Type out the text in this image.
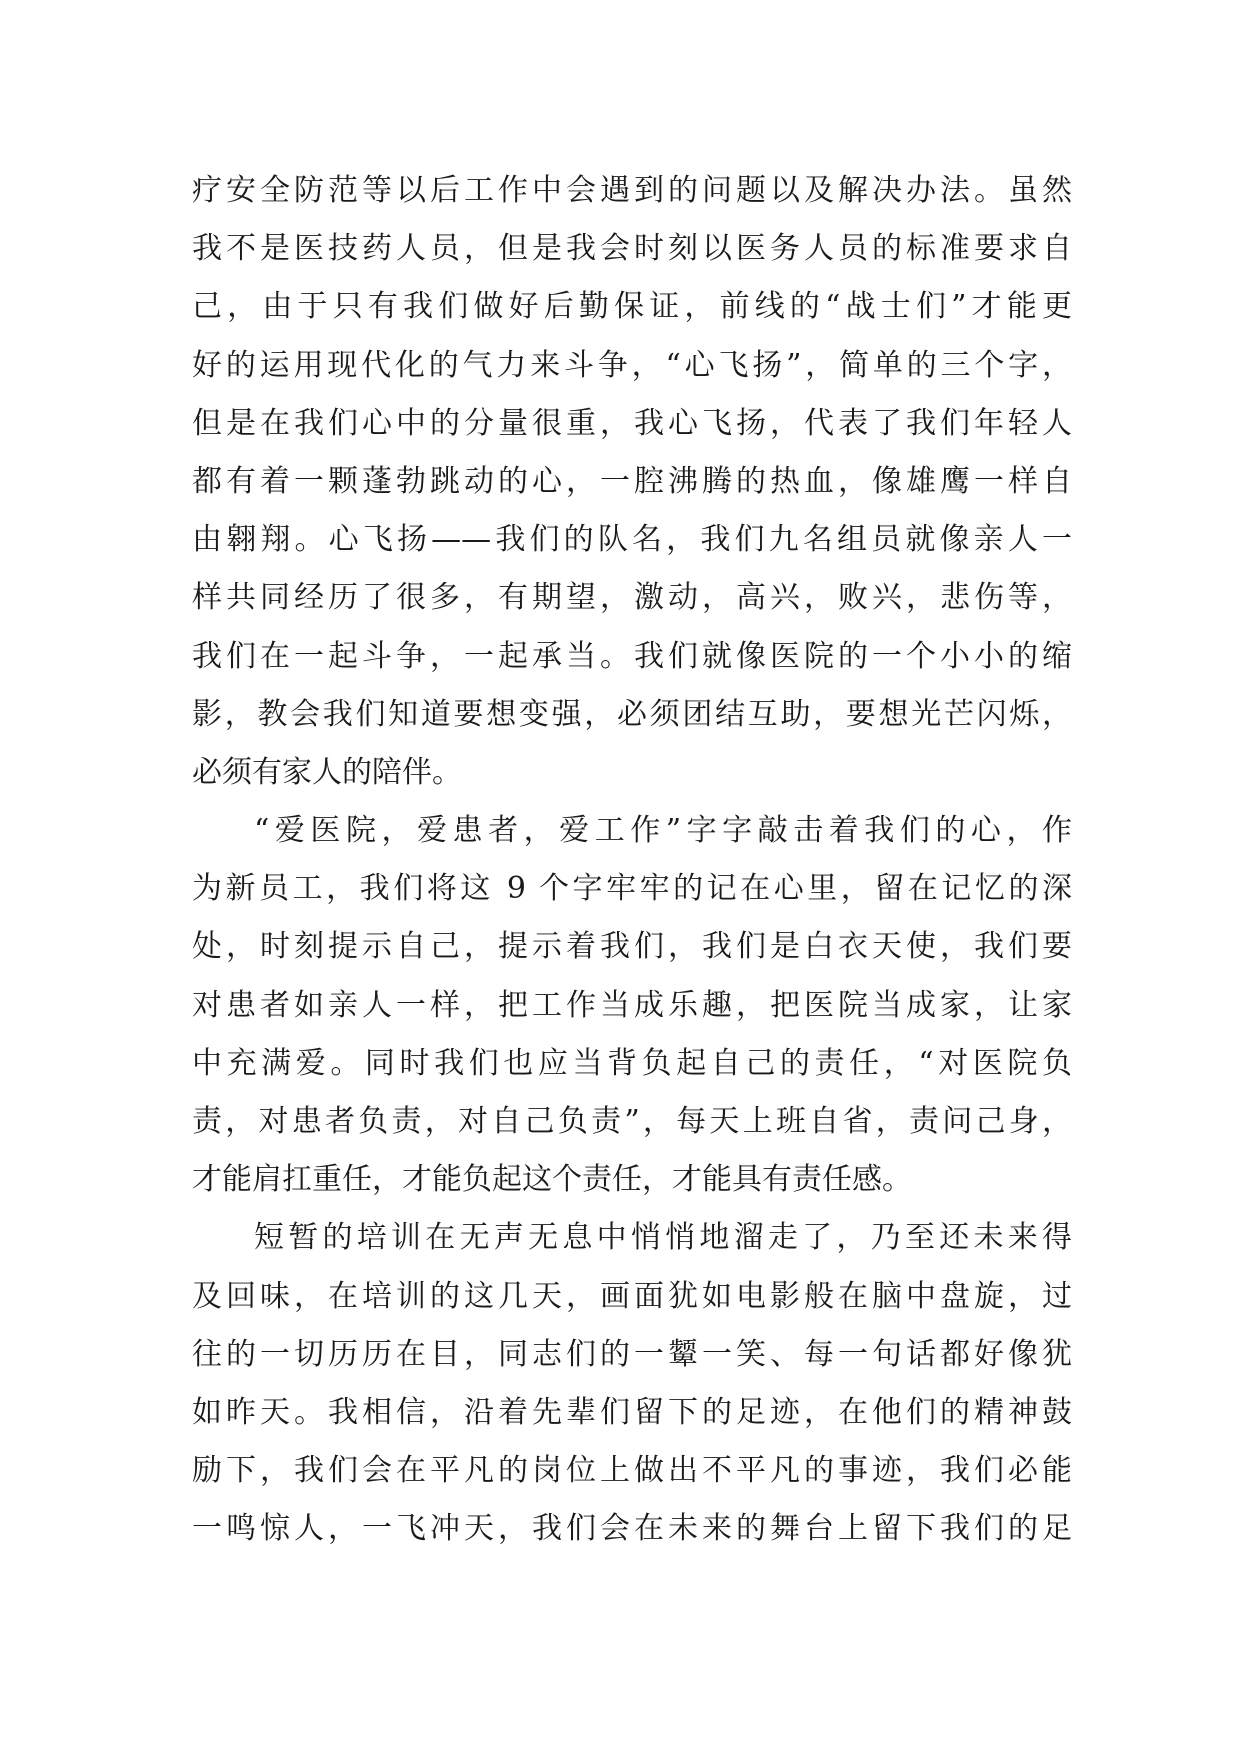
疗安全防范等以后工作中会遇到的问题以及解决办法。虽然
我不是医技药人员，但是我会时刻以医务人员的标准要求自
己，由于只有我们做好后勤保证，前线的“战士们”才能更
好的运用现代化的气力来斗争，“心飞扬”，简单的三个字，
但是在我们心中的分量很重，我心飞扬，代表了我们年轻人
都有着一颗蓬勃跳动的心，一腔沸腾的热血，像雄鹰一样自
由翱翔。心飞扬——我们的队名，我们九名组员就像亲人一
样共同经历了很多，有期望，激动，高兴，败兴，悲伤等，
我们在一起斗争，一起承当。我们就像医院的一个小小的缩
影，教会我们知道要想变强，必须团结互助，要想光芒闪烁，
必须有家人的陪伴。
“爱医院，爱患者，爱工作”字字敲击着我们的心，作
为新员工，我们将这 9 个字牢牢的记在心里，留在记忆的深
处，时刻提示自己，提示着我们，我们是白衣天使，我们要
对患者如亲人一样，把工作当成乐趣，把医院当成家，让家
中充满爱。同时我们也应当背负起自己的责任，“对医院负
责，对患者负责，对自己负责”，每天上班自省，责问己身，
才能肩扛重任，才能负起这个责任，才能具有责任感。
短暂的培训在无声无息中悄悄地溜走了，乃至还未来得
及回味，在培训的这几天，画面犹如电影般在脑中盘旋，过
往的一切历历在目，同志们的一颦一笑、每一句话都好像犹
如昨天。我相信，沿着先辈们留下的足迹，在他们的精神鼓
励下，我们会在平凡的岗位上做出不平凡的事迹，我们必能
一鸣惊人，一飞冲天，我们会在未来的舞台上留下我们的足
